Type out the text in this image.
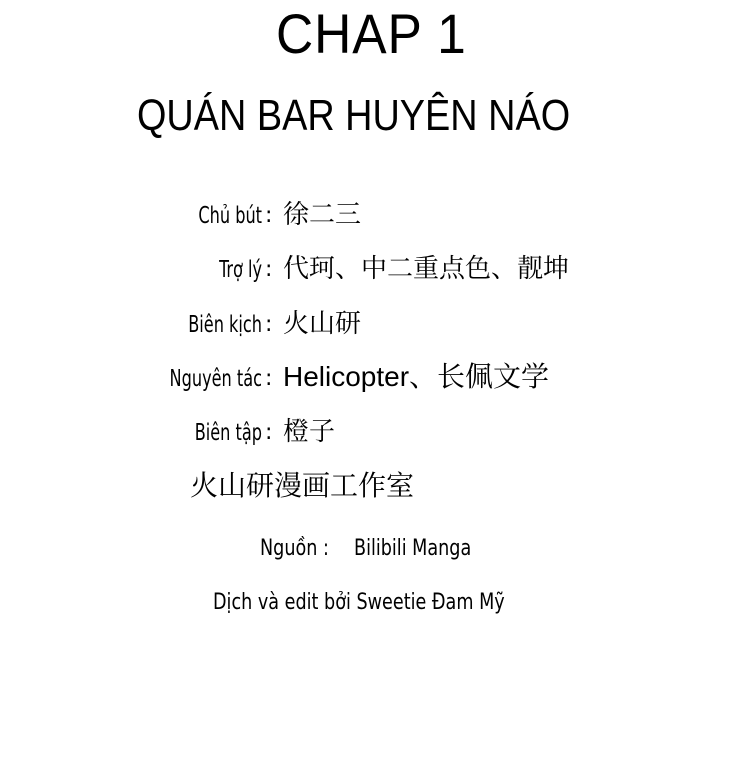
CHAP 1
QUÁN BAR HUYÊN NÁO
Chủ bút : 徐二三
Trợ lý : 代珂、中二重点色、靓坤
Biên kịch : 火山研
Nguyên tác : Helicopter、长佩文学
Biên tập : 橙子
火山研漫画工作室
Nguồn : Bilibili Manga
Dịch và edit bởi Sweetie Đam Mỹ
